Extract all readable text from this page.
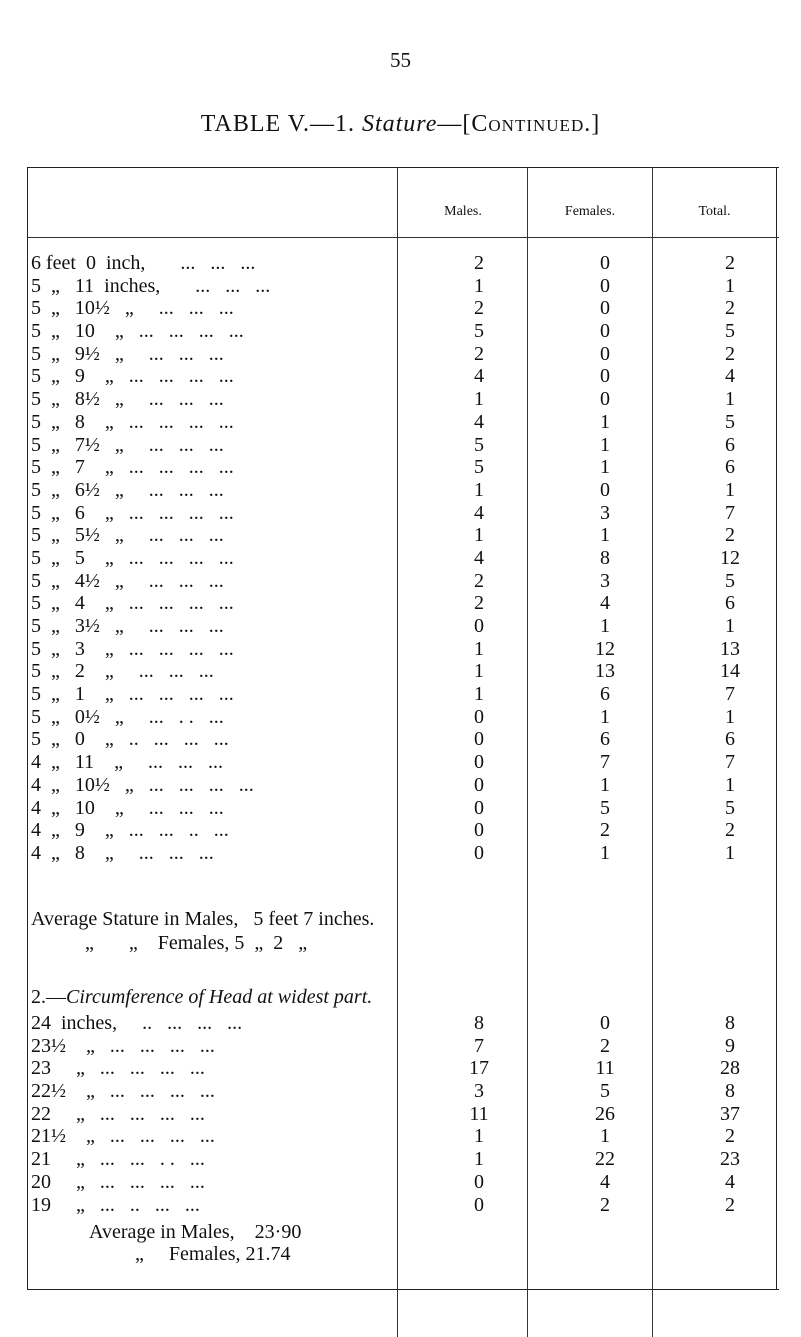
55
TABLE V.—1. Stature—[Continued.]
Males.	Females.	Total.
6 feet  0  inch,       ...   ...   ...	2	0	2
5  „   11  inches,       ...   ...   ...	1	0	1
5  „   10½   „     ...   ...   ...	2	0	2
5  „   10    „   ...   ...   ...   ...	5	0	5
5  „   9½   „     ...   ...   ...	2	0	2
5  „   9    „   ...   ...   ...   ...	4	0	4
5  „   8½   „     ...   ...   ...	1	0	1
5  „   8    „   ...   ...   ...   ...	4	1	5
5  „   7½   „     ...   ...   ...	5	1	6
5  „   7    „   ...   ...   ...   ...	5	1	6
5  „   6½   „     ...   ...   ...	1	0	1
5  „   6    „   ...   ...   ...   ...	4	3	7
5  „   5½   „     ...   ...   ...	1	1	2
5  „   5    „   ...   ...   ...   ...	4	8	12
5  „   4½   „     ...   ...   ...	2	3	5
5  „   4    „   ...   ...   ...   ...	2	4	6
5  „   3½   „     ...   ...   ...	0	1	1
5  „   3    „   ...   ...   ...   ...	1	12	13
5  „   2    „     ...   ...   ...	1	13	14
5  „   1    „   ...   ...   ...   ...	1	6	7
5  „   0½   „     ...   . .   ...	0	1	1
5  „   0    „   ..   ...   ...   ...	0	6	6
4  „   11    „     ...   ...   ...	0	7	7
4  „   10½   „   ...   ...   ...   ...	0	1	1
4  „   10    „     ...   ...   ...	0	5	5
4  „   9    „   ...   ...   ..   ...	0	2	2
4  „   8    „     ...   ...   ...	0	1	1
Average Stature in Males,   5 feet 7 inches.
„       „    Females, 5  „  2   „
2.—Circumference of Head at widest part.
24  inches,     ..   ...   ...   ...	8	0	8
23½    „   ...   ...   ...   ...	7	2	9
23     „   ...   ...   ...   ...	17	11	28
22½    „   ...   ...   ...   ...	3	5	8
22     „   ...   ...   ...   ...	11	26	37
21½    „   ...   ...   ...   ...	1	1	2
21     „   ...   ...   . .   ...	1	22	23
20     „   ...   ...   ...   ...	0	4	4
19     „   ...   ..   ...   ...	0	2	2
Average in Males,    23·90
„     Females, 21.74
